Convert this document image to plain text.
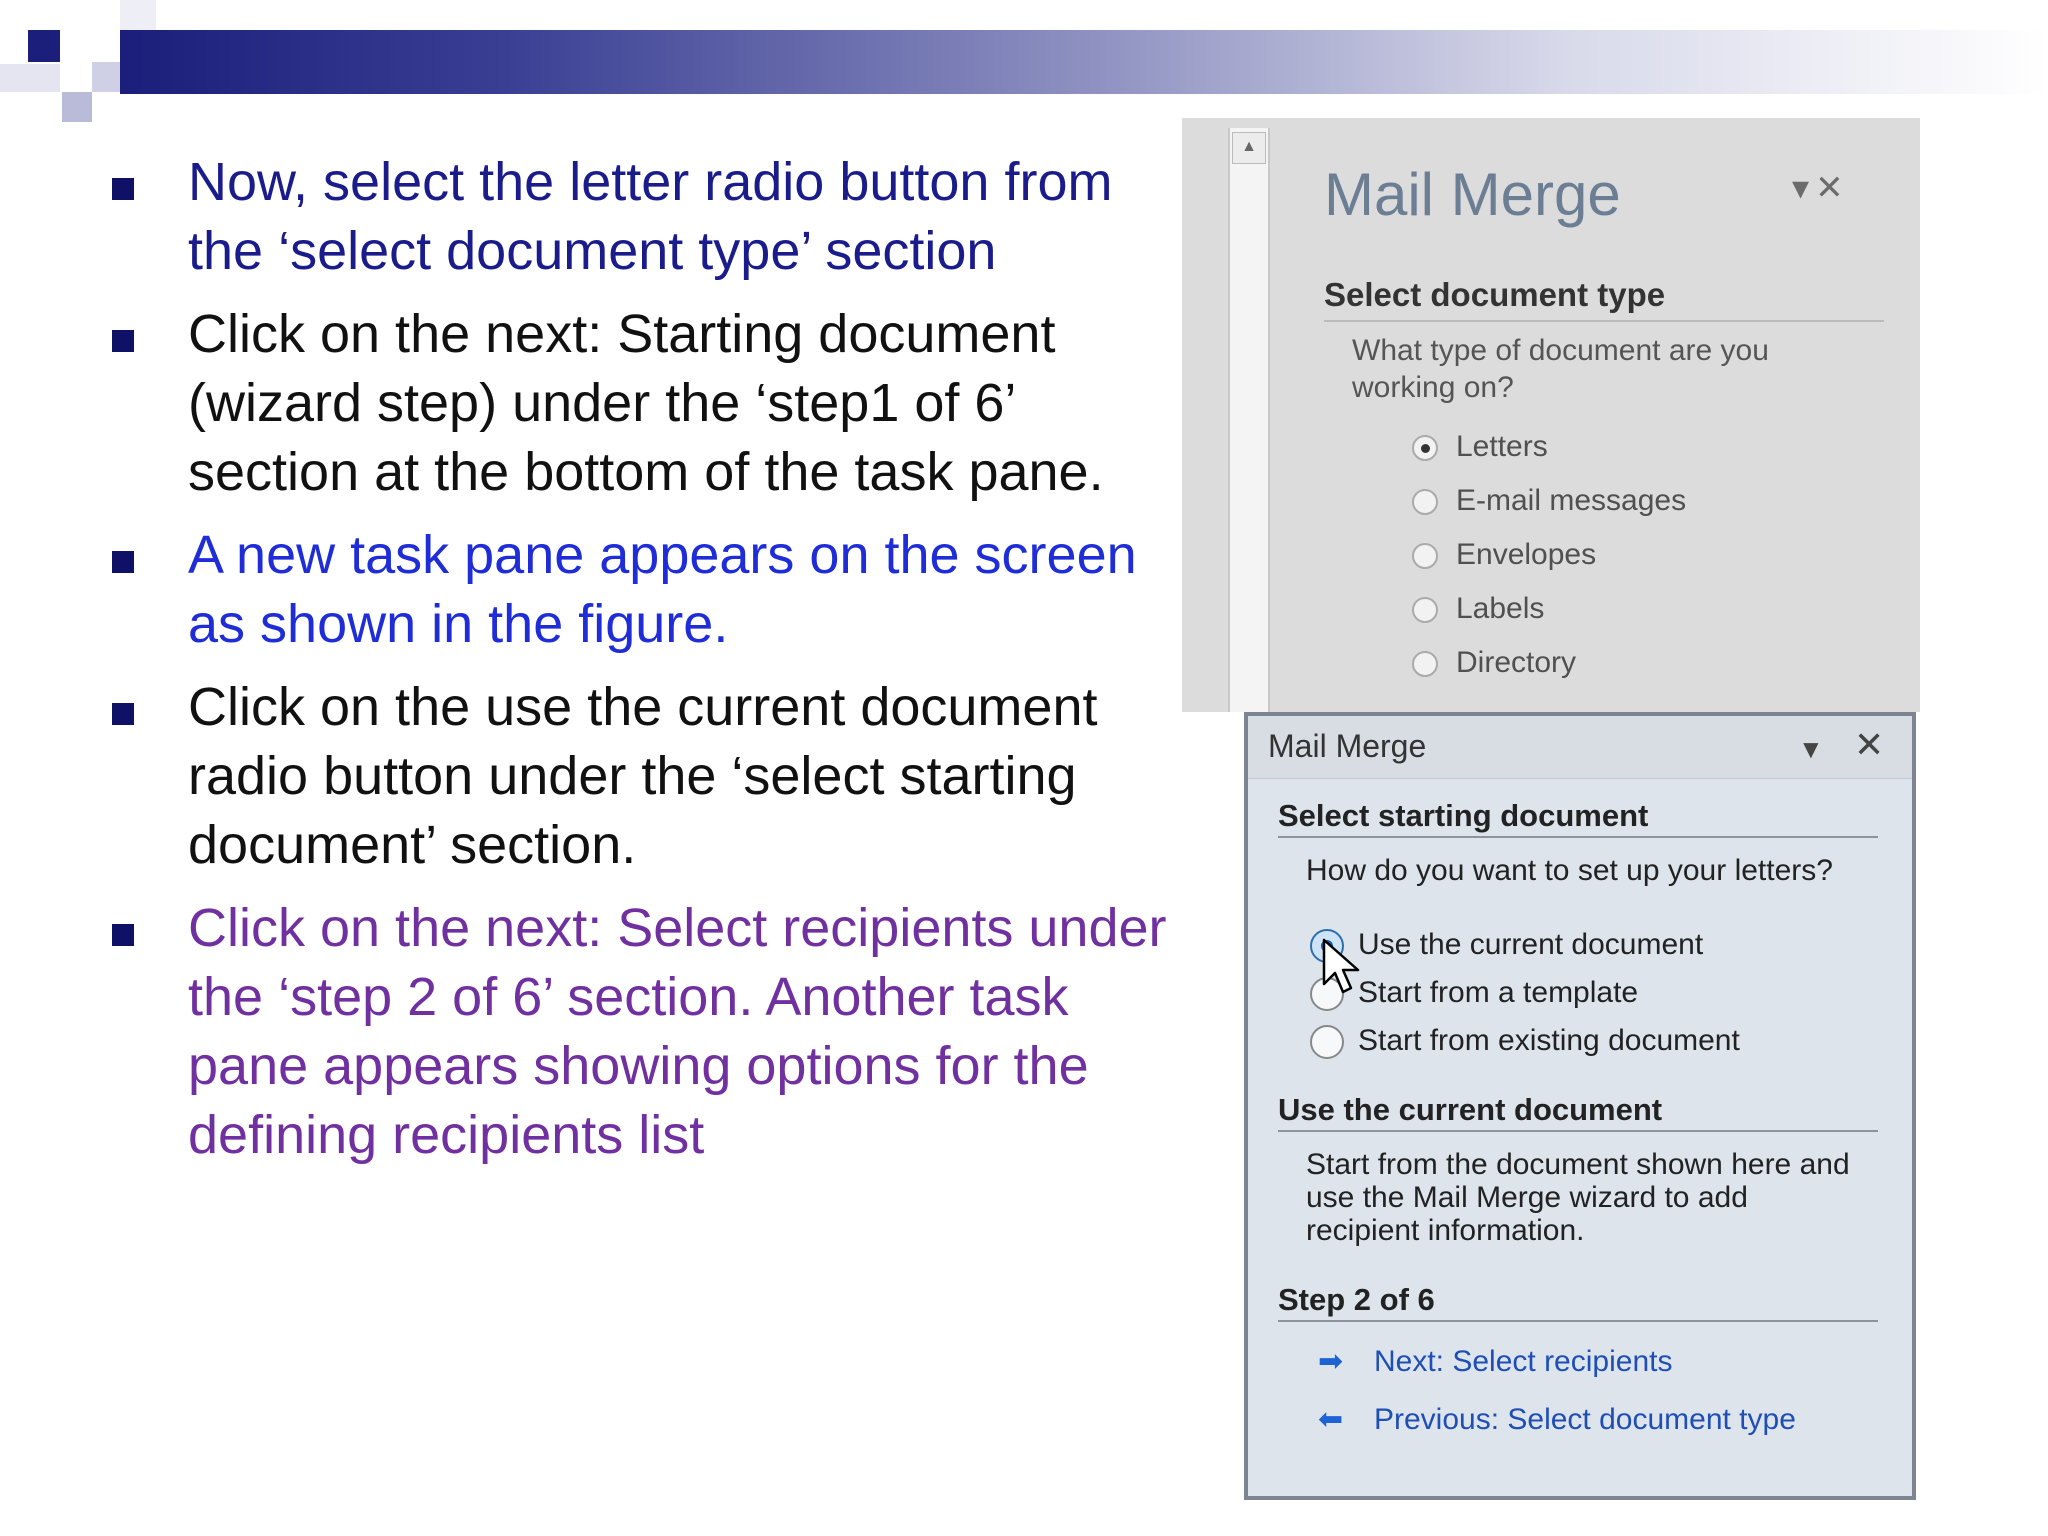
Now, select the letter radio button from the ‘select document type’ section
Click on the next: Starting document (wizard step) under the ‘step1 of 6’ section at the bottom of the task pane.
A new task pane appears on the screen as shown in the figure.
Click on the use the current document radio button under the ‘select starting document’ section.
Click on the next: Select recipients under the ‘step 2 of 6’ section. Another task pane appears showing options for the defining recipients list
▲
Mail Merge	▾✕
Select document type
What type of document are you working on?
Letters
E-mail messages
Envelopes
Labels
Directory
Mail Merge	▼ ✕
Select starting document
How do you want to set up your letters?
Use the current document
Start from a template
Start from existing document
Use the current document
Start from the document shown here and use the Mail Merge wizard to add recipient information.
Step 2 of 6
➡ Next: Select recipients
⬅ Previous: Select document type
